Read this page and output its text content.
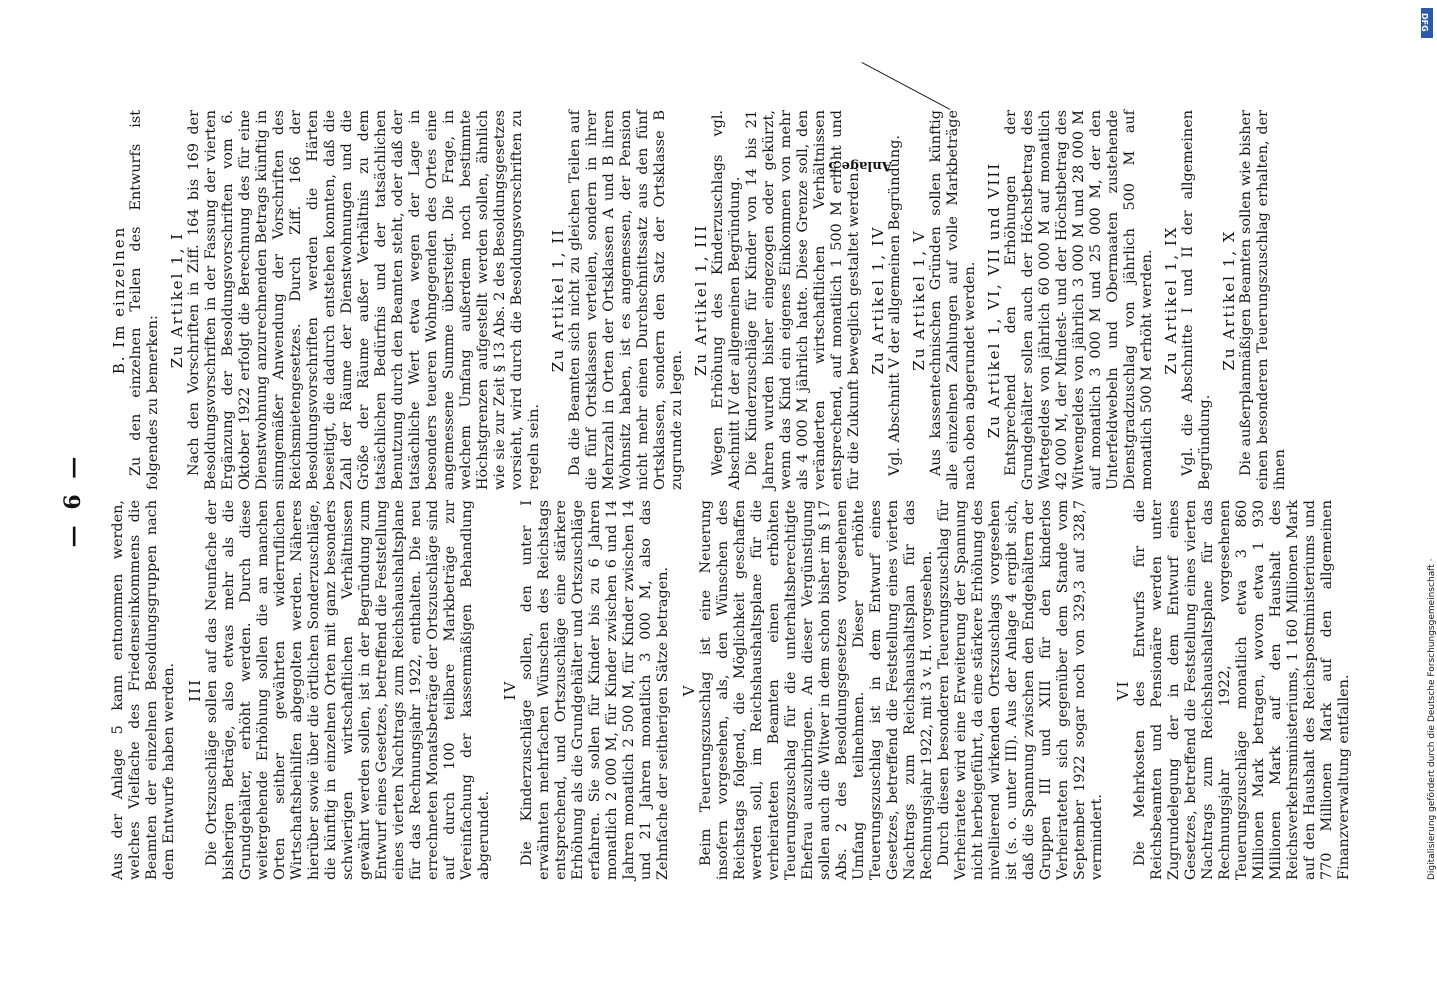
— 6 — Aus der Anlage 5 kann entnommen werden, welches Vielfache des Friedenseinkommens die Beamten der einzelnen Besoldungsgruppen nach dem Entwurfe haben werden. III Die Ortszuschläge sollen auf das Neunfache der bisherigen Beträge, also etwas mehr als die Grundgehälter, erhöht werden. Durch diese weitergehende Erhöhung sollen die an manchen Orten seither gewährten widerruflichen Wirtschaftsbeihilfen abgegolten werden. Näheres hierüber sowie über die örtlichen Sonderzuschläge, die künftig in einzelnen Orten mit ganz besonders schwierigen wirtschaftlichen Verhältnissen gewährt werden sollen, ist in der Begründung zum Entwurf eines Gesetzes, betreffend die Feststellung eines vierten Nachtrags zum Reichshaushaltsplane für das Rechnungsjahr 1922, enthalten. Die neu errechneten Monatsbeträge der Ortszuschläge sind auf durch 100 teilbare Markbeträge zur Vereinfachung der kassenmäßigen Behandlung abgerundet.

IV Die Kinderzuschläge sollen, den unter I erwähnten mehrfachen Wünschen des Reichstags entsprechend, und Ortszuschläge eine stärkere Erhöhung als die Grundgehälter und Ortszuschläge erfahren. Sie sollen für Kinder bis zu 6 Jahren monatlich 2 000 M, für Kinder zwischen 6 und 14 Jahren monatlich 2 500 M, für Kinder zwischen 14 und 21 Jahren monatlich 3 000 M, also das Zehnfache der seitherigen Sätze betragen. V Beim Teuerungszuschlag ist eine Neuerung insofern vorgesehen, als, den Wünschen des Reichstags folgend, die Möglichkeit geschaffen werden soll, im Reichshaushaltsplane für die verheirateten Beamten einen erhöhten Teuerungszuschlag für die unterhaltsberechtigte Ehefrau auszubringen. An dieser Vergünstigung sollen auch die Witwer in dem schon bisher im § 17 Abs. 2 des Besoldungsgesetzes vorgesehenen Umfang teilnehmen. Dieser erhöhte Teuerungszuschlag ist in dem Entwurf eines Gesetzes, betreffend die Feststellung eines vierten Nachtrags zum Reichshaushaltsplan für das Rechnungsjahr 1922, mit 3 v. H. vorgesehen. Durch diesen besonderen Teuerungszuschlag für Verheiratete wird eine Erweiterung der Spannung nicht herbeigeführt, da eine stärkere Erhöhung des nivellierend wirkenden Ortszuschlags vorgesehen ist (s. o. unter III). Aus der Anlage 4 ergibt sich, daß die Spannung zwischen den Endgehältern der Gruppen III und XIII für den kinderlos Verheirateten sich gegenüber dem Stande vom September 1922 sogar noch von 329,3 auf 328,7 vermindert.

VI Die Mehrkosten des Entwurfs für die Reichsbeamten und Pensionäre werden unter Zugrundelegung der in dem Entwurf eines Gesetzes, betreffend die Feststellung eines vierten Nachtrags zum Reichshaushaltsplane für das Rechnungsjahr 1922, vorgesehenen Teuerungszuschläge monatlich etwa 3 860 Millionen Mark betragen, wovon etwa 1 930 Millionen Mark auf den Haushalt des Reichsverkehrsministeriums, 1 160 Millionen Mark auf den Haushalt des Reichspostministeriums und 770 Millionen Mark auf den allgemeinen Finanzverwaltung entfallen.

B. Im einzelnen Zu den einzelnen Teilen des Entwurfs ist folgendes zu bemerken:

Zu Artikel 1, I Nach den Vorschriften in Ziff. 164 bis 169 der Besoldungsvorschriften in der Fassung der vierten Ergänzung der Besoldungsvorschriften vom 6. Oktober 1922 erfolgt die Berechnung des für eine Dienstwohnung anzurechnenden Betrags künftig in sinngemäßer Anwendung der Vorschriften des Reichsmietengesetzes. Durch Ziff. 166 der Besoldungsvorschriften werden die Härten beseitigt, die dadurch entstehen konnten, daß die Zahl der Räume der Dienstwohnungen und die Größe der Räume außer Verhältnis zu dem tatsächlichen Bedürfnis und der tatsächlichen Benutzung durch den Beamten steht, oder daß der tatsächliche Wert etwa wegen der Lage in besonders teueren Wohngegenden des Ortes eine angemessene Summe übersteigt. Die Frage, in welchem Umfang außerdem noch bestimmte Höchstgrenzen aufgestellt werden sollen, ähnlich wie sie zur Zeit § 13 Abs. 2 des Besoldungsgesetzes vorsieht, wird durch die Besoldungsvorschriften zu regeln sein.

Zu Artikel 1, II Da die Beamten sich nicht zu gleichen Teilen auf die fünf Ortsklassen verteilen, sondern in ihrer Mehrzahl in Orten der Ortsklassen A und B ihren Wohnsitz haben, ist es angemessen, der Pension nicht mehr einen Durchschnittssatz aus den fünf Ortsklassen, sondern den Satz der Ortsklasse B zugrunde zu legen.

Zu Artikel 1, III Wegen Erhöhung des Kinderzuschlags vgl. Abschnitt IV der allgemeinen Begründung. Die Kinderzuschläge für Kinder von 14 bis 21 Jahren wurden bisher eingezogen oder gekürzt, wenn das Kind ein eigenes Einkommen von mehr als 4 000 M jährlich hatte. Diese Grenze soll, den veränderten wirtschaftlichen Verhältnissen entsprechend, auf monatlich 1 500 M erhöht und für die Zukunft beweglich gestaltet werden. Zu Artikel 1, IV Vgl. Abschnitt V der allgemeinen Begründung. Zu Artikel 1, V Aus kassentechnischen Gründen sollen künftig alle einzelnen Zahlungen auf volle Markbeträge nach oben abgerundet werden. Zu Artikel 1, VI, VII und VIII Entsprechend den Erhöhungen der Grundgehälter sollen auch der Höchstbetrag des Wartegeldes von jährlich 60 000 M auf monatlich 42 000 M, der Mindest- und der Höchstbetrag des Witwengeldes von jährlich 3 000 M und 28 000 M auf monatlich 3 000 M und 25 000 M, der den Unterfeldwebeln und Obermaaten zustehende Dienstgradzuschlag von jährlich 500 M auf monatlich 500 M erhöht werden. Zu Artikel 1, IX Vgl. die Abschnitte I und II der allgemeinen Begründung.

Zu Artikel 1, X Die außerplanmäßigen Beamten sollen wie bisher einen besonderen Teuerungszuschlag erhalten, der ihnen

Anlage 5
Digitalisierung gefördert durch die Deutsche Forschungsgemeinschaft ·
DFG
